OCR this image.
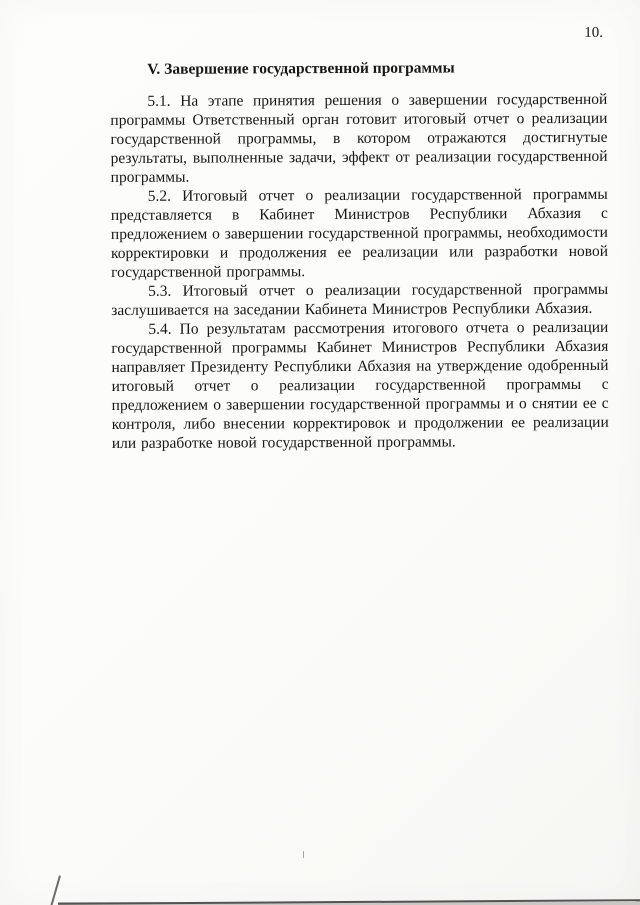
10.
V. Завершение государственной программы

5.1. На этапе принятия решения о завершении государственной программы Ответственный орган готовит итоговый отчет о реализации государственной программы, в котором отражаются достигнутые результаты, выполненные задачи, эффект от реализации государственной программы.

5.2. Итоговый отчет о реализации государственной программы представляется в Кабинет Министров Республики Абхазия с предложением о завершении государственной программы, необходимости корректировки и продолжения ее реализации или разработки новой государственной программы.

5.3. Итоговый отчет о реализации государственной программы заслушивается на заседании Кабинета Министров Республики Абхазия.

5.4. По результатам рассмотрения итогового отчета о реализации государственной программы Кабинет Министров Республики Абхазия направляет Президенту Республики Абхазия на утверждение одобренный итоговый отчет о реализации государственной программы с предложением о завершении государственной программы и о снятии ее с контроля, либо внесении корректировок и продолжении ее реализации или разработке новой государственной программы.
